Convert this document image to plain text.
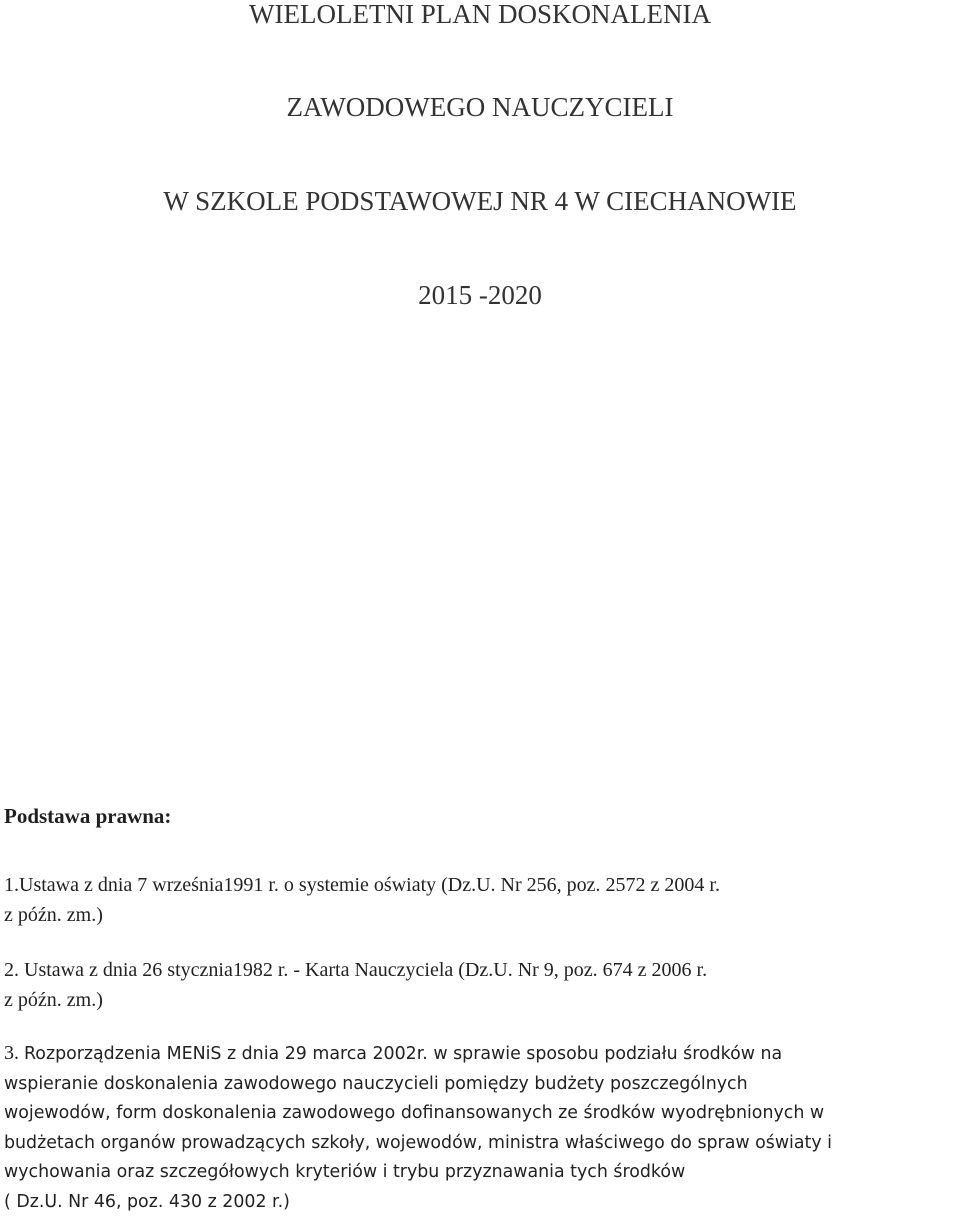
WIELOLETNI PLAN DOSKONALENIA
ZAWODOWEGO NAUCZYCIELI
W SZKOLE PODSTAWOWEJ NR 4 W CIECHANOWIE
2015 -2020
Podstawa prawna:
1.Ustawa z dnia 7 września1991 r. o systemie oświaty (Dz.U. Nr 256, poz. 2572 z 2004 r.
z późn. zm.)
2. Ustawa z dnia 26 stycznia1982 r. - Karta Nauczyciela (Dz.U. Nr 9, poz. 674 z 2006 r.
z późn. zm.)
3. Rozporządzenia MENiS z dnia 29 marca 2002r. w sprawie sposobu podziału środków na
wspieranie doskonalenia zawodowego nauczycieli pomiędzy budżety poszczególnych
wojewodów, form doskonalenia zawodowego dofinansowanych ze środków wyodrębnionych w
budżetach organów prowadzących szkoły, wojewodów, ministra właściwego do spraw oświaty i
wychowania oraz szczegółowych kryteriów i trybu przyznawania tych środków
( Dz.U. Nr 46, poz. 430 z 2002 r.)
